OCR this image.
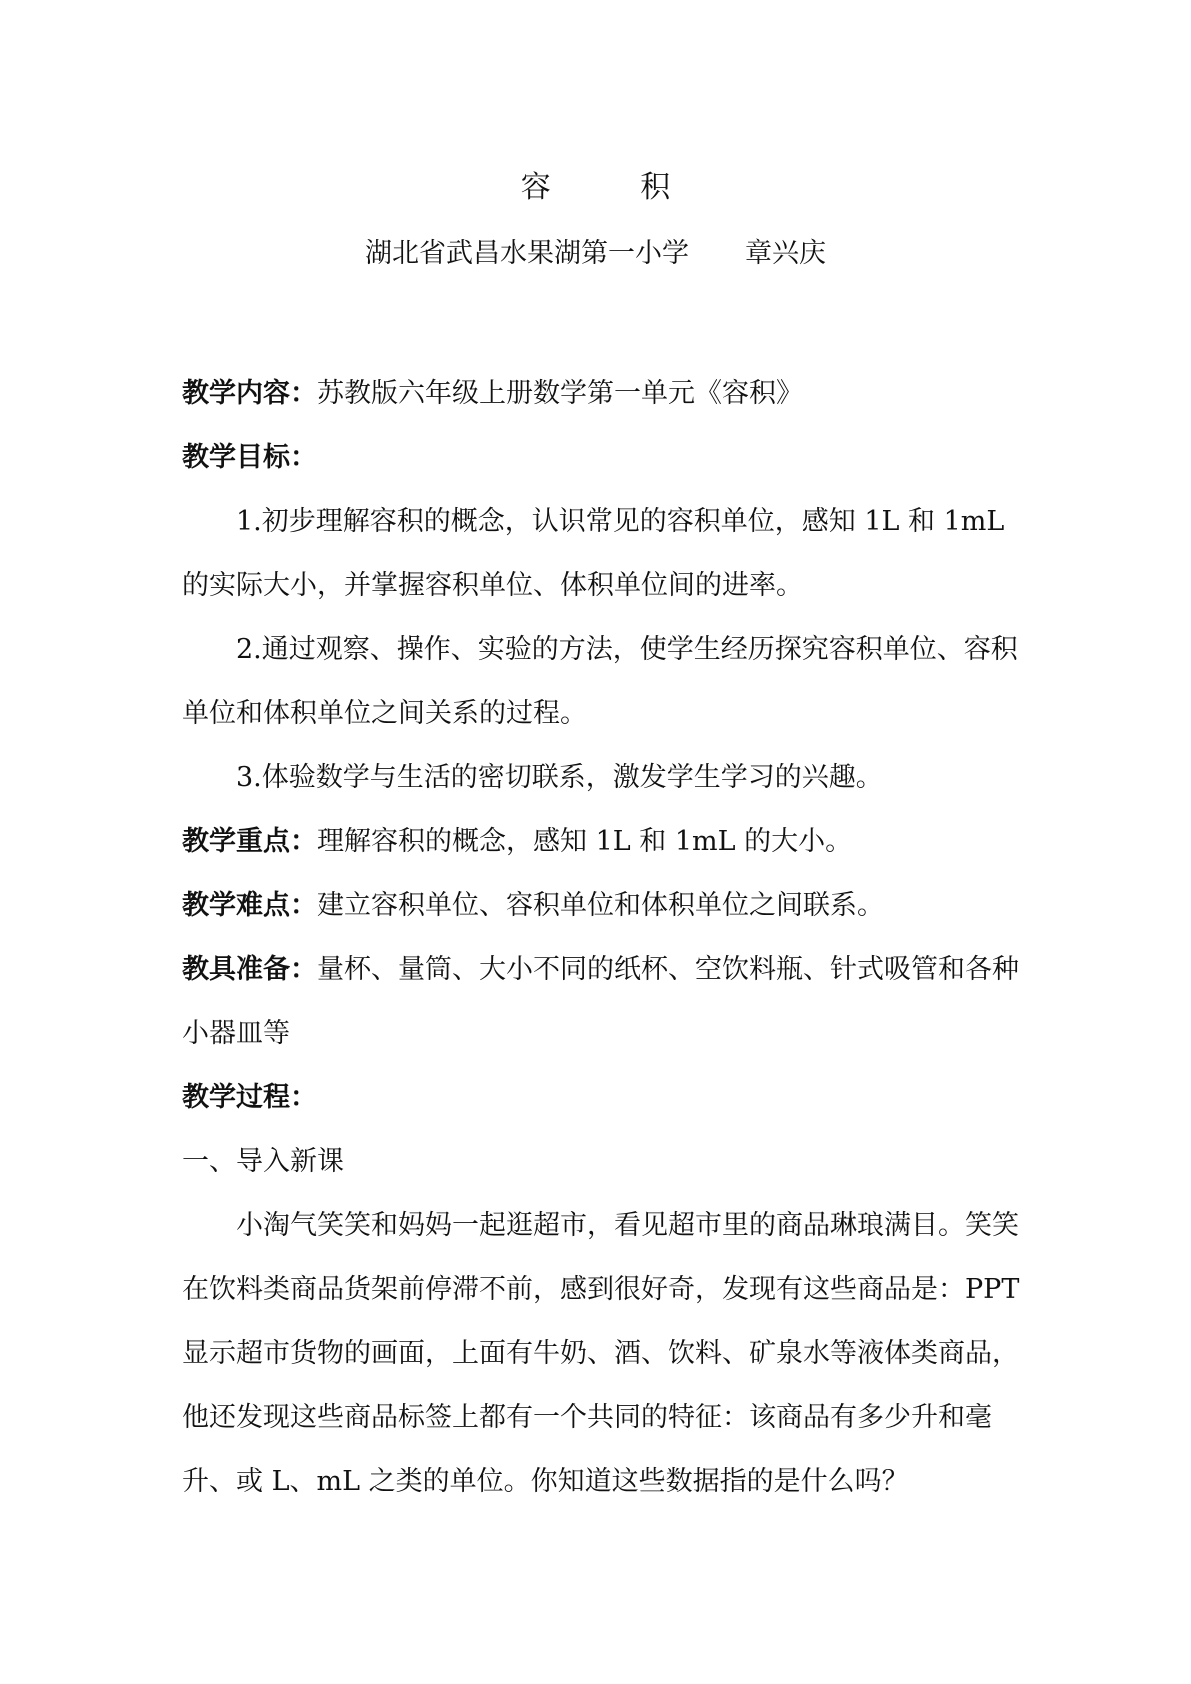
容 积
湖北省武昌水果湖第一小学 章兴庆

教学内容：苏教版六年级上册数学第一单元《容积》

教学目标：

1.初步理解容积的概念，认识常见的容积单位，感知 1L 和 1mL 的实际大小，并掌握容积单位、体积单位间的进率。

2.通过观察、操作、实验的方法，使学生经历探究容积单位、容积单位和体积单位之间关系的过程。

3.体验数学与生活的密切联系，激发学生学习的兴趣。

教学重点：理解容积的概念，感知 1L 和 1mL 的大小。

教学难点：建立容积单位、容积单位和体积单位之间联系。

教具准备：量杯、量筒、大小不同的纸杯、空饮料瓶、针式吸管和各种小器皿等

教学过程：

一、导入新课

小淘气笑笑和妈妈一起逛超市，看见超市里的商品琳琅满目。笑笑在饮料类商品货架前停滞不前，感到很好奇，发现有这些商品是：PPT 显示超市货物的画面，上面有牛奶、酒、饮料、矿泉水等液体类商品，他还发现这些商品标签上都有一个共同的特征：该商品有多少升和毫升、或 L、mL 之类的单位。你知道这些数据指的是什么吗？
